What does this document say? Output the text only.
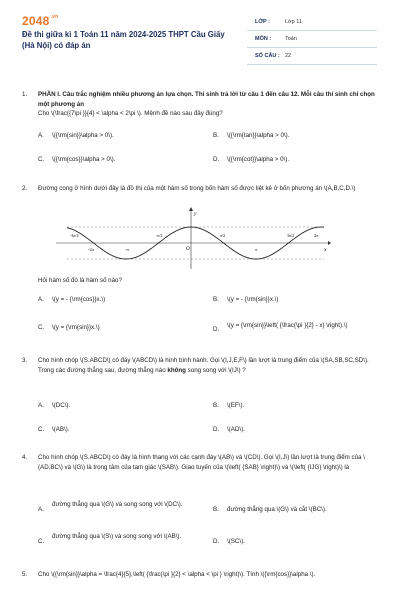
$2048^{.vn}$
Đề thi giữa kì 1 Toán 11 năm 2024-2025 THPT Cầu Giấy (Hà Nội) có đáp án
LỚP :	Lớp 11
MÔN :	Toán
SỐ CÂU : 22
1. PHẦN I. Câu trắc nghiệm nhiều phương án lựa chọn. Thí sinh trả lời từ câu 1 đến câu 12. Mỗi câu thí sinh chỉ chọn một phương án
Cho \(\frac{{7\pi }}{4} < \alpha < 2\pi \). Mệnh đề nào sau đây đúng?
A. \({\rm{sin}}\alpha > 0\).	B. \({\rm{tan}}\alpha > 0\).
C. \({\rm{cos}}\alpha > 0\).	D. \({\rm{cot}}\alpha > 0\).
2. Đường cong ở hình dưới đây là đồ thị của một hàm số trong bốn hàm số được liệt kê ở bốn phương án \(A,B,C,D.\)
y
x
O
-2π	-π	π
2π
-3π/2	-π/2	π/2	3π/2
Hỏi hàm số đó là hàm số nào?
A. \(y = - {\rm{cos}}x.\)	B. \(y = - {\rm{sin}}x.\)
C. \(y = {\rm{sin}}x.\)	D.
\(y = {\rm{sin}}\left( {\frac{\pi }{2} - x} \right).\)
3. Cho hình chóp \(S.ABCD\) có đáy \(ABCD\) là hình bình hành. Gọi \(I,J,E,F\) lần lượt là trung điểm của \(SA,SB,SC,SD\). Trong các đường thẳng sau, đường thẳng nào không song song với \(IJ\) ?
A. \(DC\).	B. \(EF\).
C. \(AB\).	D. \(AD\).
4. Cho hình chóp \(S.ABCD\) có đáy là hình thang với các cạnh đáy \(AB\) và \(CD\). Gọi \(I,J\) lần lượt là trung điểm của \(AD,BC\) và \(G\) là trọng tâm của tam giác \(SAB\). Giao tuyến của \(\left( {SAB} \right)\) và \(\left( {IJG} \right)\) là
A.
đường thẳng qua \(G\) và song song với \(DC\).
B. đường thẳng qua \(G\) và cắt \(BC\).
C.
đường thẳng qua \(S\) và song song với \(AB\).
D. \(SC\).
5. Cho \({\rm{sin}}\alpha = \frac{4}{5},\left( {\frac{\pi }{2} < \alpha < \pi } \right)\). Tính \({\rm{cos}}\alpha \).
